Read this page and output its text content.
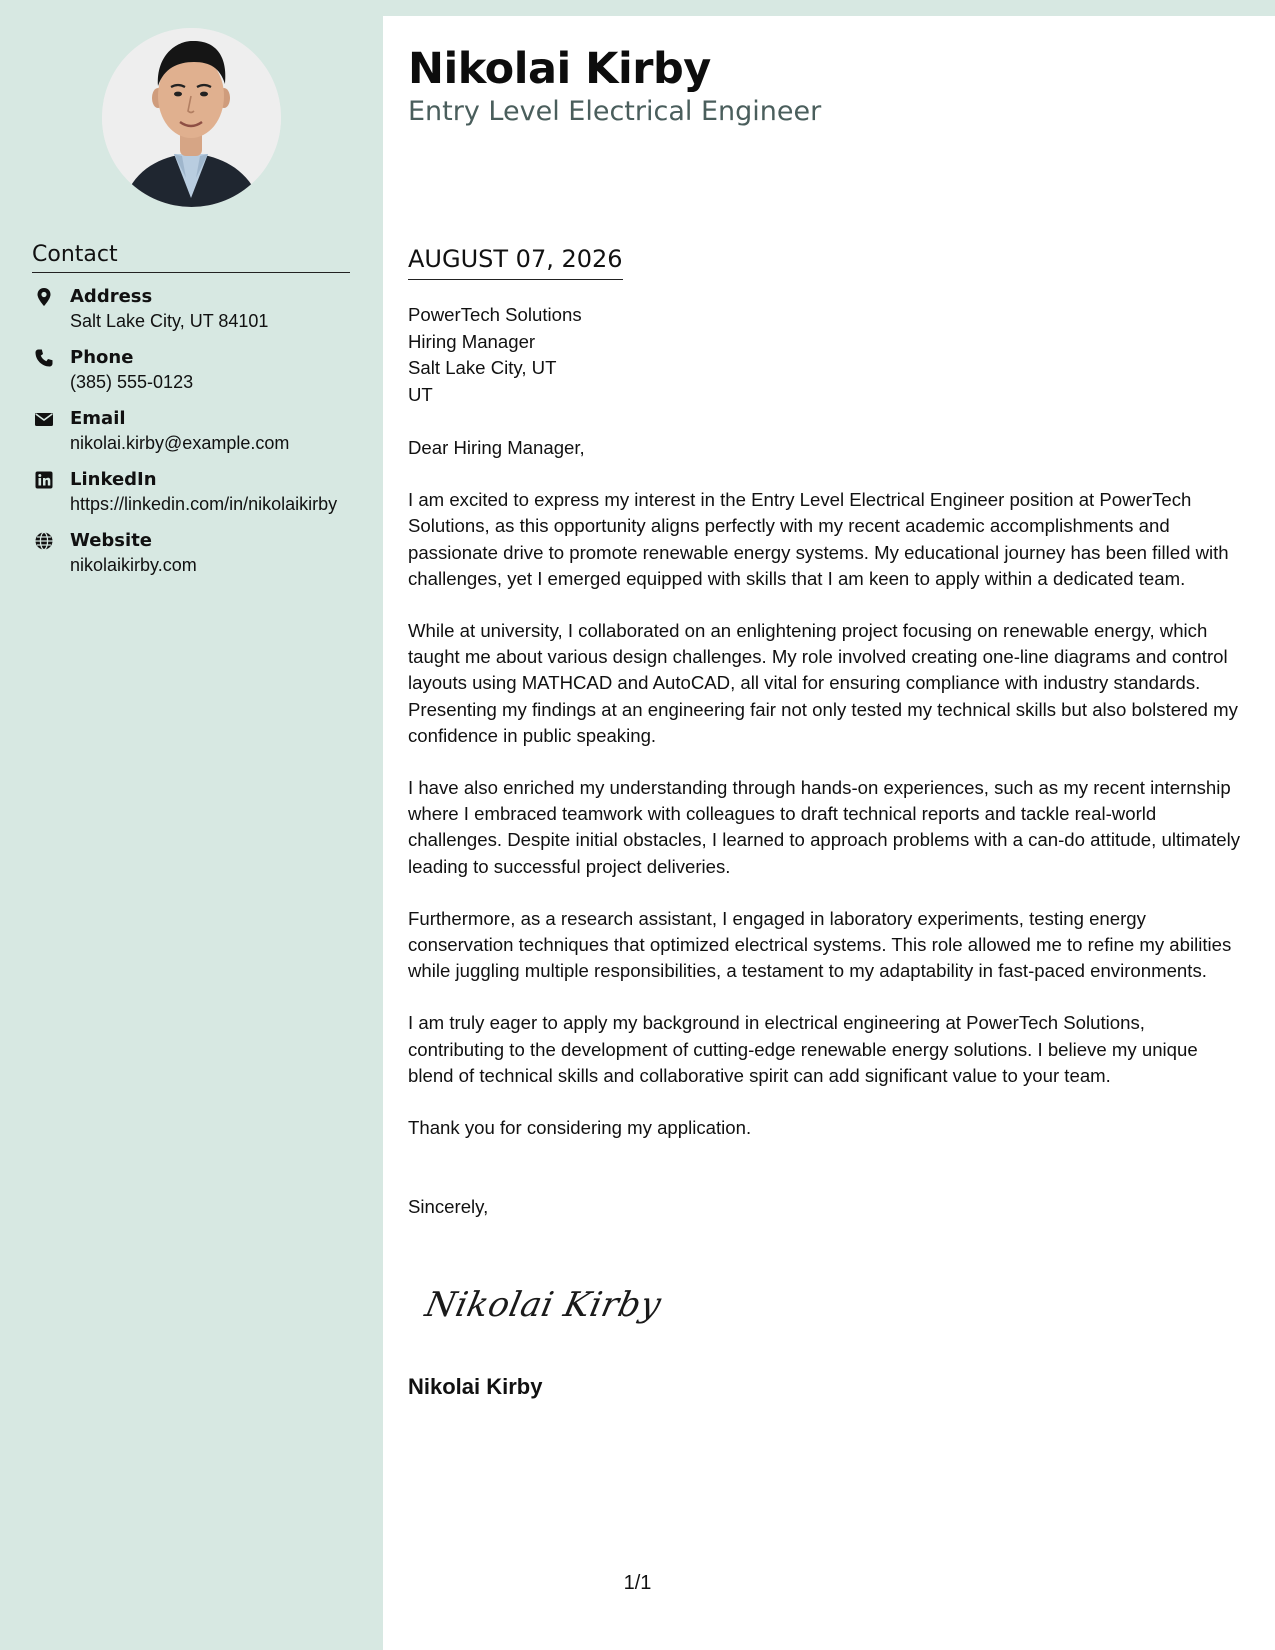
Contact
Address
Salt Lake City, UT 84101
Phone
(385) 555-0123
Email
nikolai.kirby@example.com
LinkedIn
https://linkedin.com/in/nikolaikirby
Website
nikolaikirby.com
Nikolai Kirby
Entry Level Electrical Engineer
AUGUST 07, 2026
PowerTech Solutions
Hiring Manager
Salt Lake City, UT
UT
Dear Hiring Manager,
I am excited to express my interest in the Entry Level Electrical Engineer position at PowerTech Solutions, as this opportunity aligns perfectly with my recent academic accomplishments and passionate drive to promote renewable energy systems. My educational journey has been filled with challenges, yet I emerged equipped with skills that I am keen to apply within a dedicated team.
While at university, I collaborated on an enlightening project focusing on renewable energy, which taught me about various design challenges. My role involved creating one-line diagrams and control layouts using MATHCAD and AutoCAD, all vital for ensuring compliance with industry standards. Presenting my findings at an engineering fair not only tested my technical skills but also bolstered my confidence in public speaking.
I have also enriched my understanding through hands-on experiences, such as my recent internship where I embraced teamwork with colleagues to draft technical reports and tackle real-world challenges. Despite initial obstacles, I learned to approach problems with a can-do attitude, ultimately leading to successful project deliveries.
Furthermore, as a research assistant, I engaged in laboratory experiments, testing energy conservation techniques that optimized electrical systems. This role allowed me to refine my abilities while juggling multiple responsibilities, a testament to my adaptability in fast-paced environments.
I am truly eager to apply my background in electrical engineering at PowerTech Solutions, contributing to the development of cutting-edge renewable energy solutions. I believe my unique blend of technical skills and collaborative spirit can add significant value to your team.
Thank you for considering my application.
Sincerely,
Nikolai Kirby
Nikolai Kirby
1/1
